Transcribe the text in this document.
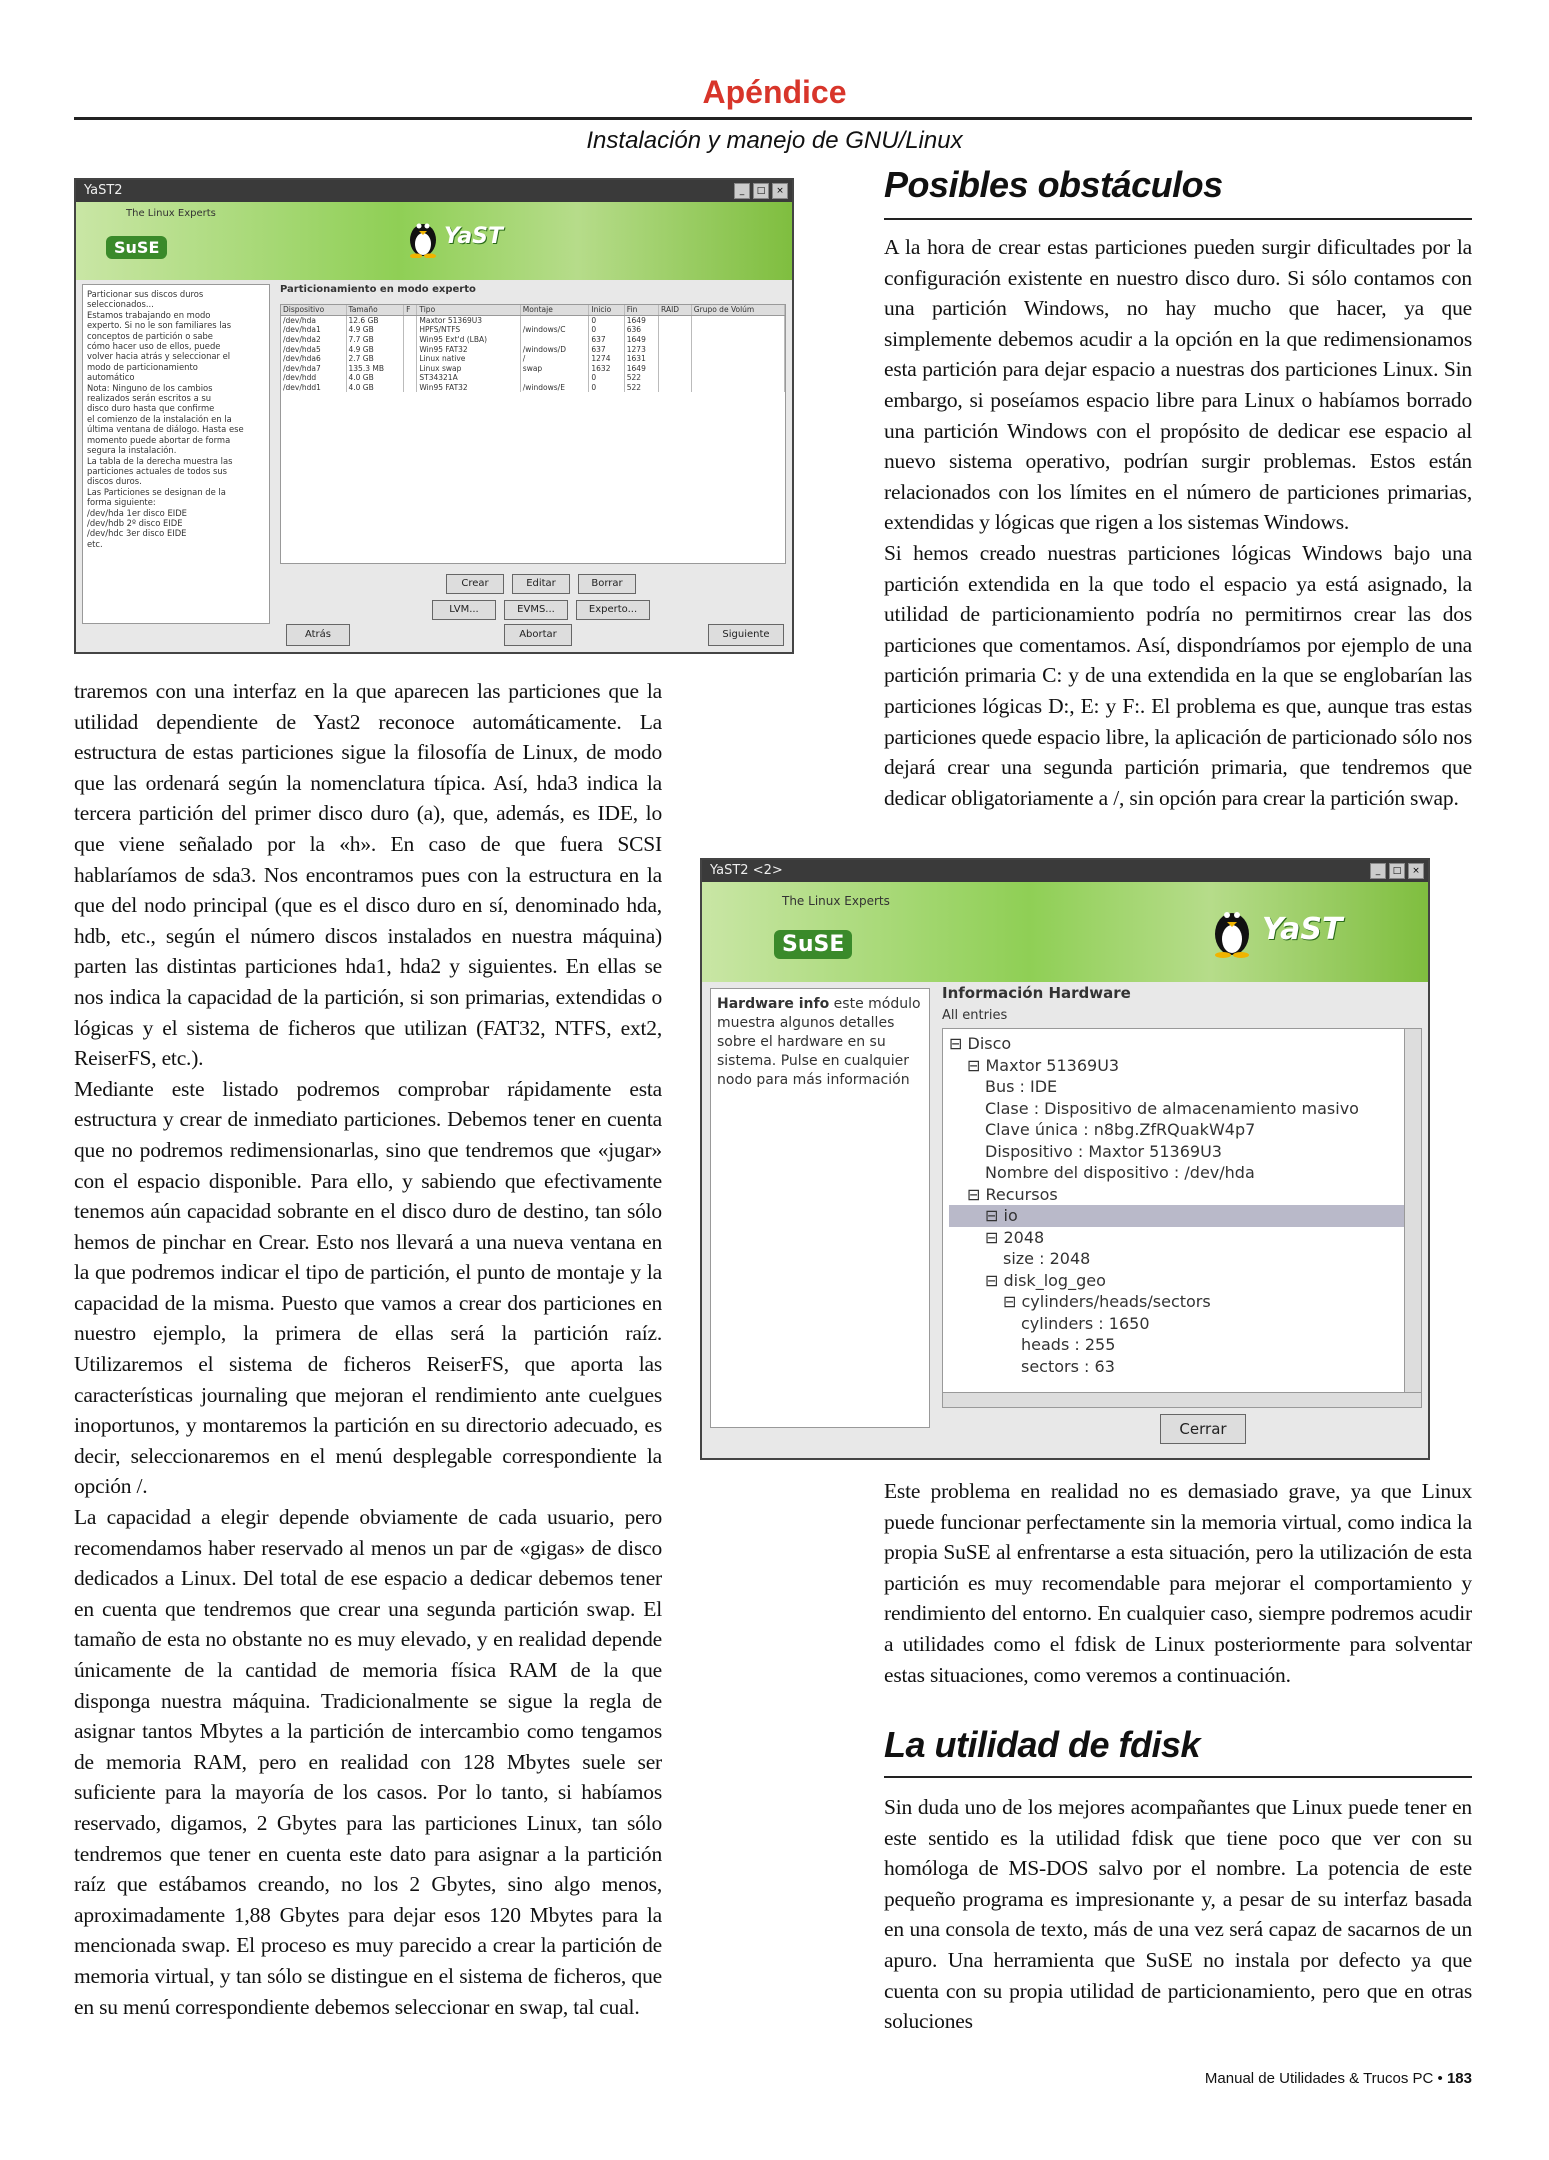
Apéndice
Instalación y manejo de GNU/Linux
YaST2	_	□	×
The Linux Experts
SuSE	YaST
Particionar sus discos duros
seleccionados...
Estamos trabajando en modo
experto. Si no le son familiares las
conceptos de partición o sabe
cómo hacer uso de ellos, puede
volver hacia atrás y seleccionar el
modo de particionamiento
automático
Nota: Ninguno de los cambios
realizados serán escritos a su
disco duro hasta que confirme
el comienzo de la instalación en la
última ventana de diálogo. Hasta ese
momento puede abortar de forma
segura la instalación.
La tabla de la derecha muestra las
particiones actuales de todos sus
discos duros.
Las Particiones se designan de la
forma siguiente:
/dev/hda 1er disco EIDE
/dev/hdb 2º disco EIDE
/dev/hdc 3er disco EIDE
etc.
Particionamiento en modo experto
Dispositivo	Tamaño	F	Tipo	Montaje	Inicio	Fin	RAID	Grupo de Volúm
/dev/hda	12.6 GB		Maxtor 51369U3		0	1649		
/dev/hda1	4.9 GB		HPFS/NTFS	/windows/C	0	636		
/dev/hda2	7.7 GB		Win95 Ext'd (LBA)		637	1649		
/dev/hda5	4.9 GB		Win95 FAT32	/windows/D	637	1273		
/dev/hda6	2.7 GB		Linux native	/	1274	1631		
/dev/hda7	135.3 MB		Linux swap	swap	1632	1649		
/dev/hdd	4.0 GB		ST34321A		0	522		
/dev/hdd1	4.0 GB		Win95 FAT32	/windows/E	0	522		
Crear	Editar	Borrar
LVM...	EVMS...	Experto...
Atrás	Abortar	Siguiente
Posibles obstáculos

A la hora de crear estas particiones pueden surgir dificultades por la configuración existente en nuestro disco duro. Si sólo contamos con una partición Windows, no hay mucho que hacer, ya que simplemente debemos acudir a la opción en la que redimensionamos esta partición para dejar espacio a nuestras dos particiones Linux. Sin embargo, si poseíamos espacio libre para Linux o habíamos borrado una partición Windows con el propósito de dedicar ese espacio al nuevo sistema operativo, podrían surgir problemas. Estos están relacionados con los límites en el número de particiones primarias, extendidas y lógicas que rigen a los sistemas Windows.

Si hemos creado nuestras particiones lógicas Windows bajo una partición extendida en la que todo el espacio ya está asignado, la utilidad de particionamiento podría no permitirnos crear las dos particiones que comentamos. Así, dispondríamos por ejemplo de una partición primaria C: y de una extendida en la que se englobarían las particiones lógicas D:, E: y F:. El problema es que, aunque tras estas particiones quede espacio libre, la aplicación de particionado sólo nos dejará crear una segunda partición primaria, que tendremos que dedicar obligatoriamente a /, sin opción para crear la partición swap.

traremos con una interfaz en la que aparecen las particiones que la utilidad dependiente de Yast2 reconoce automáticamente. La estructura de estas particiones sigue la filosofía de Linux, de modo que las ordenará según la nomenclatura típica. Así, hda3 indica la tercera partición del primer disco duro (a), que, además, es IDE, lo que viene señalado por la «h». En caso de que fuera SCSI hablaríamos de sda3. Nos encontramos pues con la estructura en la que del nodo principal (que es el disco duro en sí, denominado hda, hdb, etc., según el número discos instalados en nuestra máquina) parten las distintas particiones hda1, hda2 y siguientes. En ellas se nos indica la capacidad de la partición, si son primarias, extendidas o lógicas y el sistema de ficheros que utilizan (FAT32, NTFS, ext2, ReiserFS, etc.).

Mediante este listado podremos comprobar rápidamente esta estructura y crear de inmediato particiones. Debemos tener en cuenta que no podremos redimensionarlas, sino que tendremos que «jugar» con el espacio disponible. Para ello, y sabiendo que efectivamente tenemos aún capacidad sobrante en el disco duro de destino, tan sólo hemos de pinchar en Crear. Esto nos llevará a una nueva ventana en la que podremos indicar el tipo de partición, el punto de montaje y la capacidad de la misma. Puesto que vamos a crear dos particiones en nuestro ejemplo, la primera de ellas será la partición raíz. Utilizaremos el sistema de ficheros ReiserFS, que aporta las características journaling que mejoran el rendimiento ante cuelgues inoportunos, y montaremos la partición en su directorio adecuado, es decir, seleccionaremos en el menú desplegable correspondiente la opción /.

La capacidad a elegir depende obviamente de cada usuario, pero recomendamos haber reservado al menos un par de «gigas» de disco dedicados a Linux. Del total de ese espacio a dedicar debemos tener en cuenta que tendremos que crear una segunda partición swap. El tamaño de esta no obstante no es muy elevado, y en realidad depende únicamente de la cantidad de memoria física RAM de la que disponga nuestra máquina. Tradicionalmente se sigue la regla de asignar tantos Mbytes a la partición de intercambio como tengamos de memoria RAM, pero en realidad con 128 Mbytes suele ser suficiente para la mayoría de los casos. Por lo tanto, si habíamos reservado, digamos, 2 Gbytes para las particiones Linux, tan sólo tendremos que tener en cuenta este dato para asignar a la partición raíz que estábamos creando, no los 2 Gbytes, sino algo menos, aproximadamente 1,88 Gbytes para dejar esos 120 Mbytes para la mencionada swap. El proceso es muy parecido a crear la partición de memoria virtual, y tan sólo se distingue en el sistema de ficheros, que en su menú correspondiente debemos seleccionar en swap, tal cual.

YaST2 <2>	_	□	×
The Linux Experts
SuSE	YaST
Hardware info este módulo muestra algunos detalles sobre el hardware en su sistema. Pulse en cualquier nodo para más información
Información Hardware
All entries
⊟ Disco
⊟ Maxtor 51369U3
Bus : IDE
Clase : Dispositivo de almacenamiento masivo
Clave única : n8bg.ZfRQuakW4p7
Dispositivo : Maxtor 51369U3
Nombre del dispositivo : /dev/hda
⊟ Recursos
⊟ io
⊟ 2048
size : 2048
⊟ disk_log_geo
⊟ cylinders/heads/sectors
cylinders : 1650
heads : 255
sectors : 63
Cerrar

Este problema en realidad no es demasiado grave, ya que Linux puede funcionar perfectamente sin la memoria virtual, como indica la propia SuSE al enfrentarse a esta situación, pero la utilización de esta partición es muy recomendable para mejorar el comportamiento y rendimiento del entorno. En cualquier caso, siempre podremos acudir a utilidades como el fdisk de Linux posteriormente para solventar estas situaciones, como veremos a continuación.

La utilidad de fdisk

Sin duda uno de los mejores acompañantes que Linux puede tener en este sentido es la utilidad fdisk que tiene poco que ver con su homóloga de MS-DOS salvo por el nombre. La potencia de este pequeño programa es impresionante y, a pesar de su interfaz basada en una consola de texto, más de una vez será capaz de sacarnos de un apuro. Una herramienta que SuSE no instala por defecto ya que cuenta con su propia utilidad de particionamiento, pero que en otras soluciones

Manual de Utilidades & Trucos PC • 183
